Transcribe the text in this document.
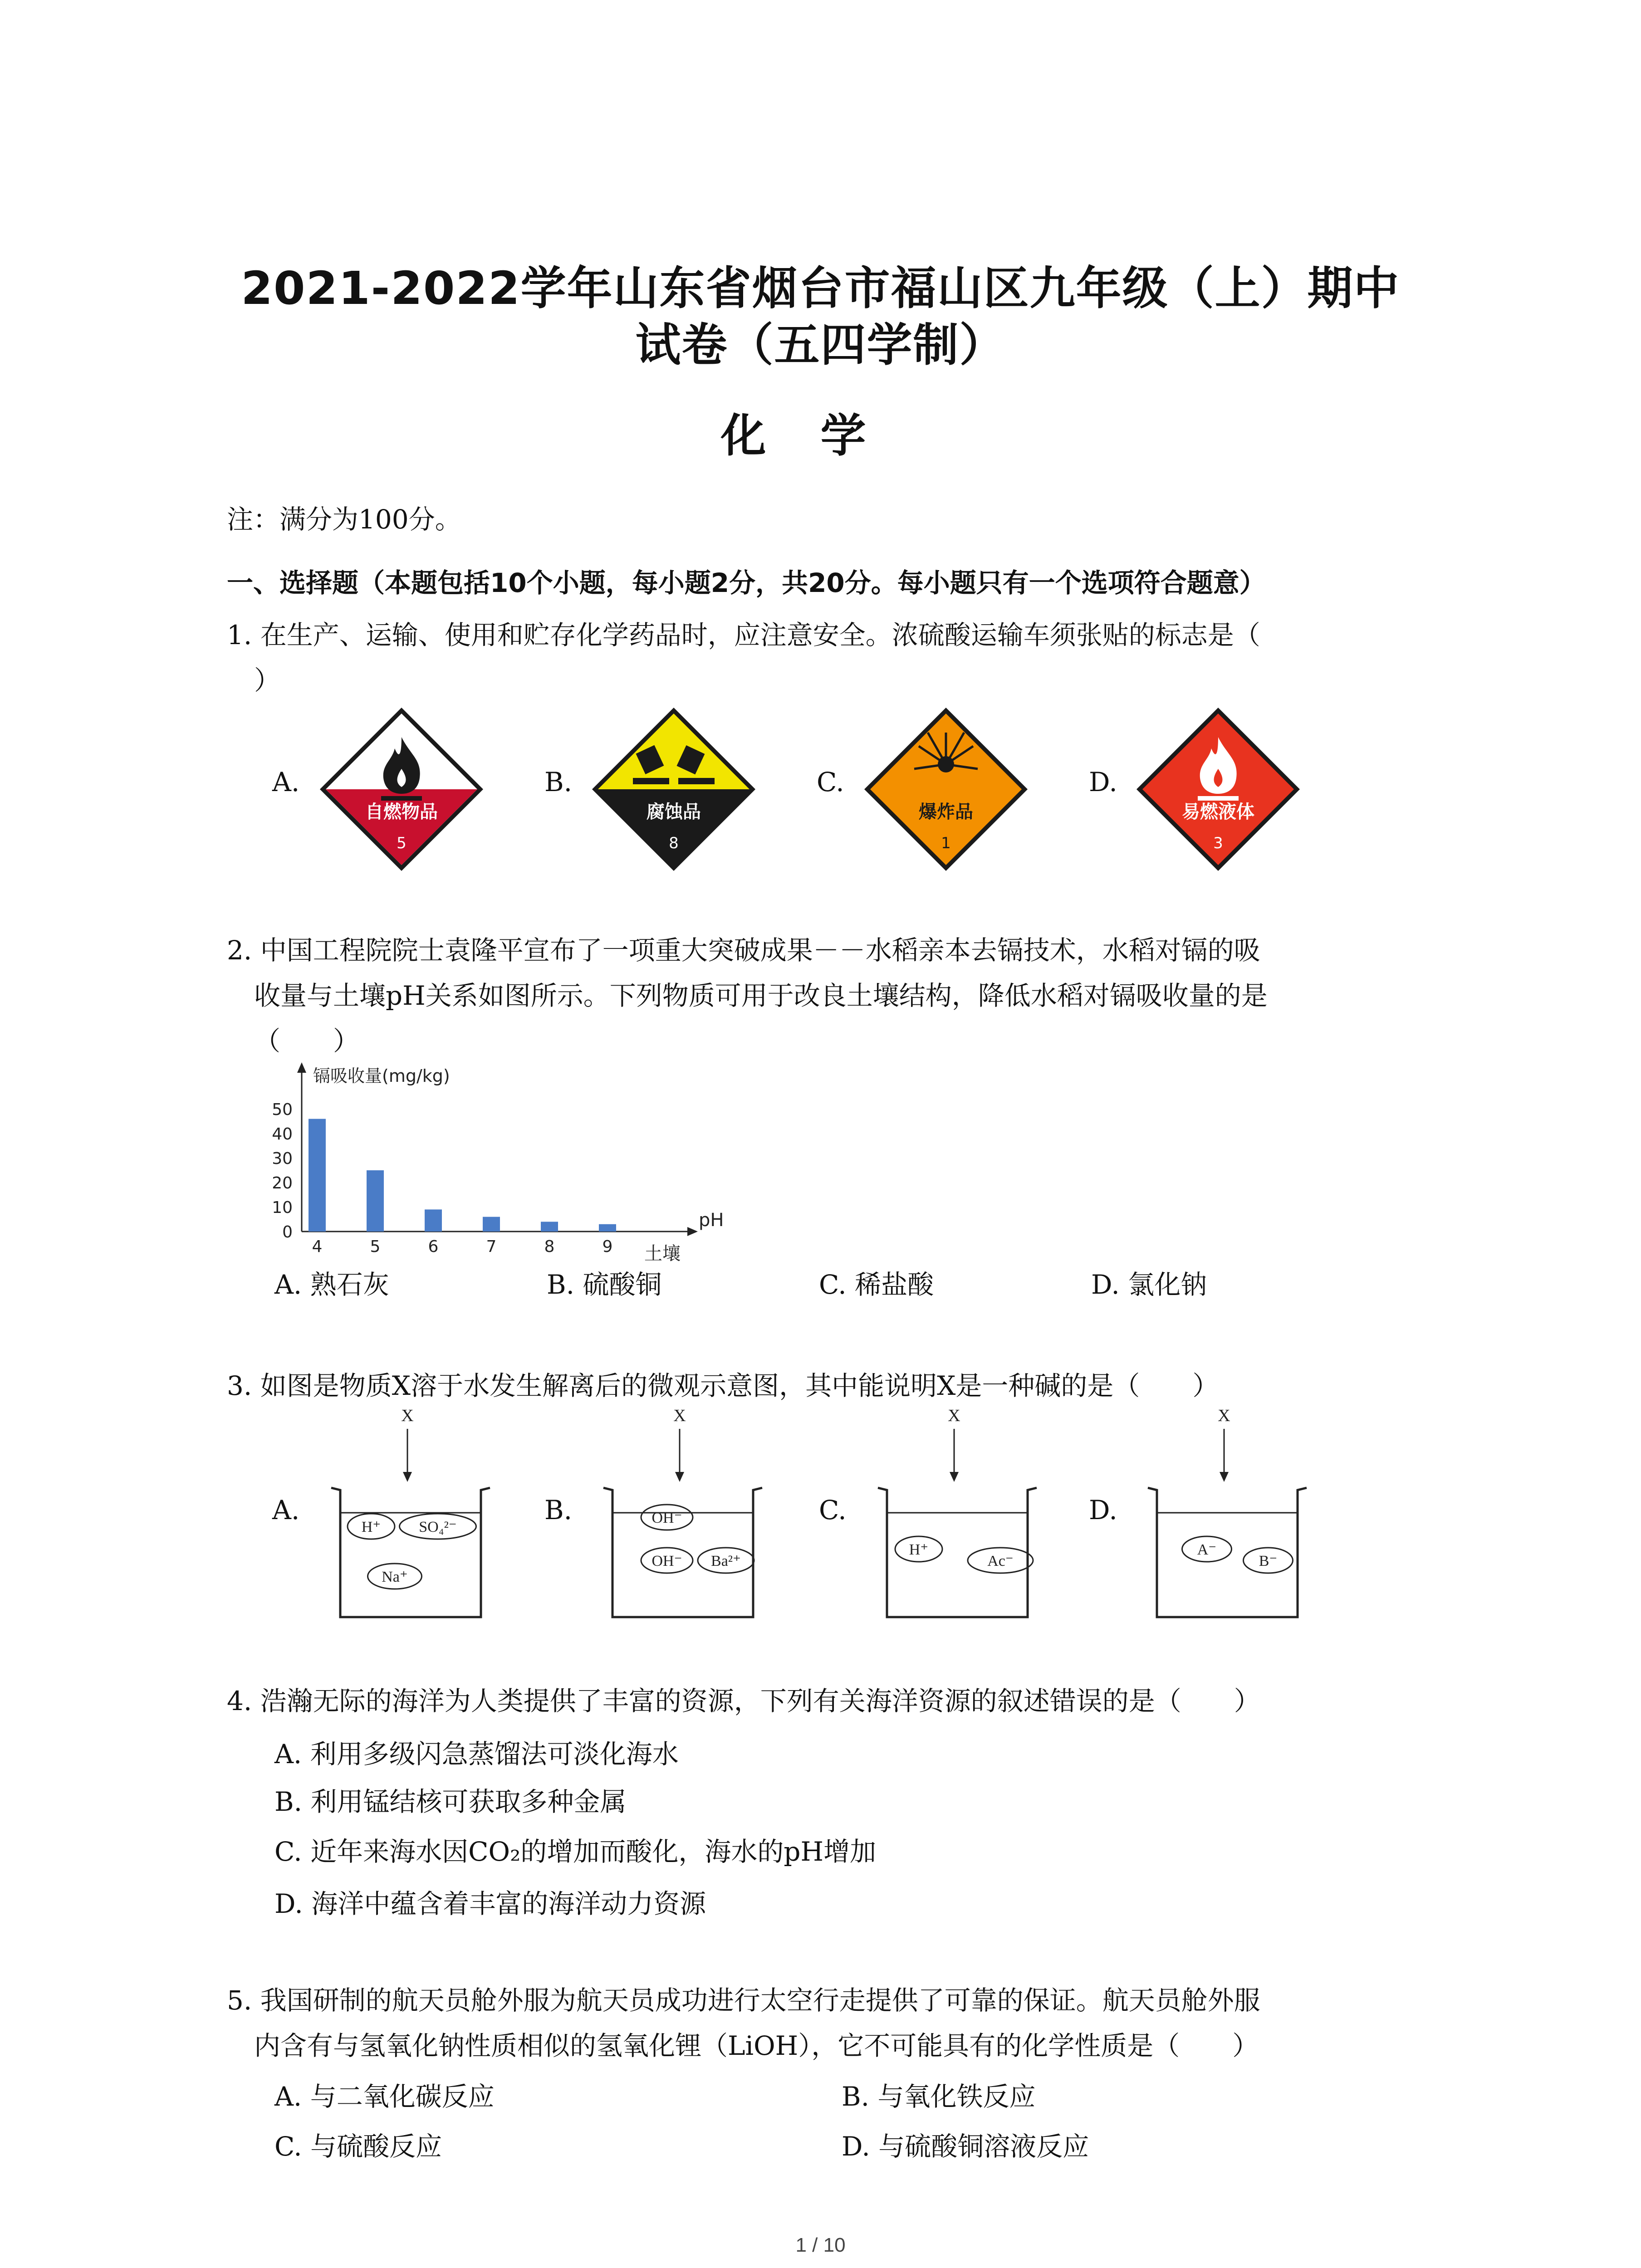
2021-2022学年山东省烟台市福山区九年级（上）期中
试卷（五四学制）
化学
注：满分为100分。
一、选择题（本题包括10个小题，每小题2分，共20分。每小题只有一个选项符合题意）
1. 在生产、运输、使用和贮存化学药品时，应注意安全。浓硫酸运输车须张贴的标志是（
）
A.
自燃物品
5
B.
腐蚀品
8
C.
爆炸品
1
D.
易燃液体
3
2. 中国工程院院士袁隆平宣布了一项重大突破成果－－水稻亲本去镉技术，水稻对镉的吸
收量与土壤pH关系如图所示。下列物质可用于改良土壤结构，降低水稻对镉吸收量的是
（　　）
镉吸收量(mg/kg)
pH
土壤
50
40
30
20
10
0
4	5	6	7	8	9
A. 熟石灰	B. 硫酸铜	C. 稀盐酸	D. 氯化钠
3. 如图是物质X溶于水发生解离后的微观示意图，其中能说明X是一种碱的是（　　）
A.
X
H⁺ SO₄²⁻
Na⁺
B.
X
OH⁻
OH⁻ Ba²⁺
C.
X
H⁺
Ac⁻
D.
X
A⁻
B⁻
4. 浩瀚无际的海洋为人类提供了丰富的资源，下列有关海洋资源的叙述错误的是（　　）
A. 利用多级闪急蒸馏法可淡化海水
B. 利用锰结核可获取多种金属
C. 近年来海水因CO₂的增加而酸化，海水的pH增加
D. 海洋中蕴含着丰富的海洋动力资源
5. 我国研制的航天员舱外服为航天员成功进行太空行走提供了可靠的保证。航天员舱外服
内含有与氢氧化钠性质相似的氢氧化锂（LiOH），它不可能具有的化学性质是（　　）
A. 与二氧化碳反应	B. 与氧化铁反应
C. 与硫酸反应	D. 与硫酸铜溶液反应
1 / 10
